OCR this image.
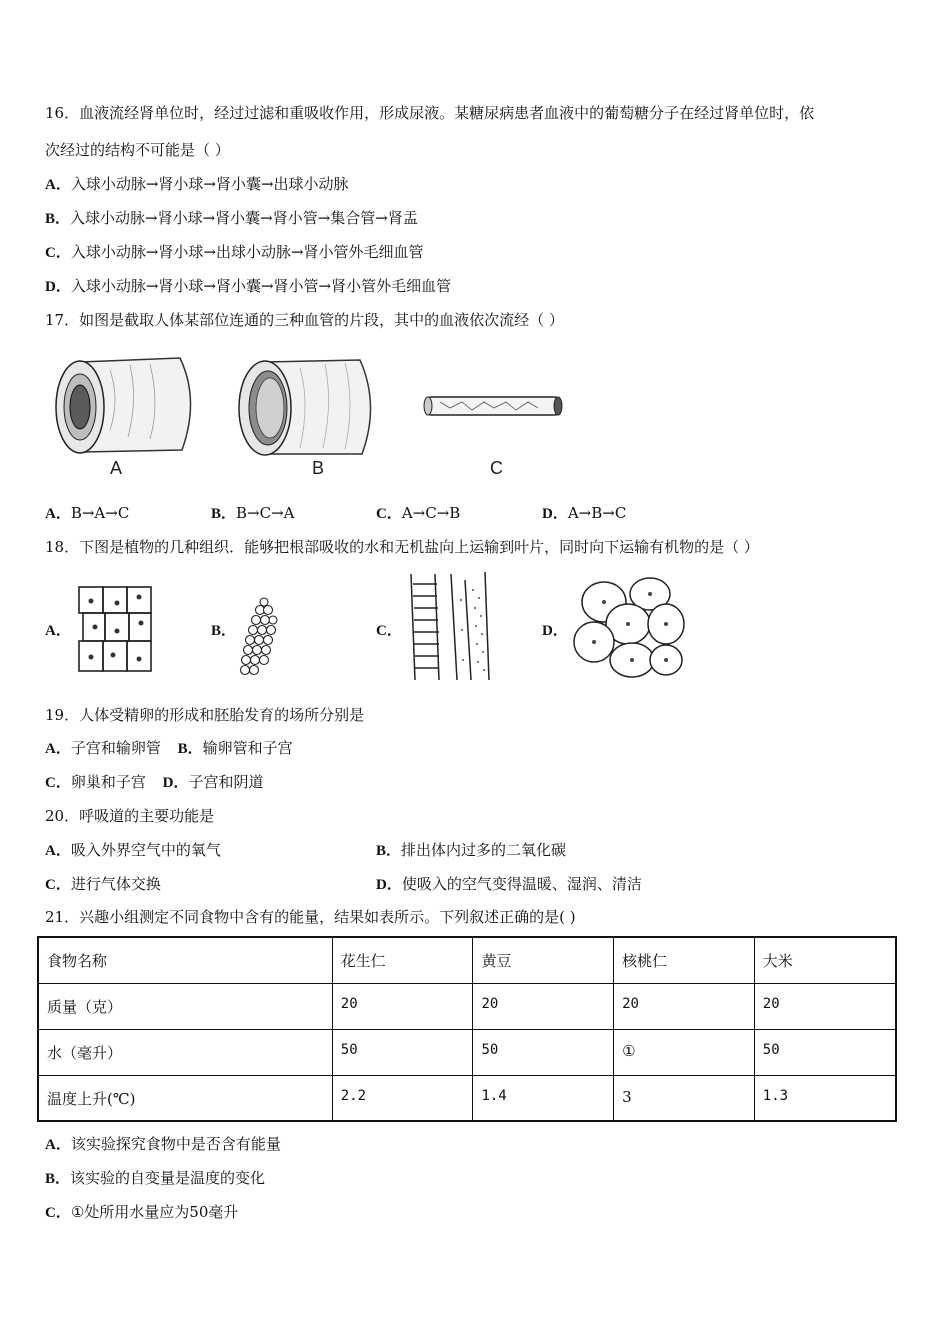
16．血液流经肾单位时，经过过滤和重吸收作用，形成尿液。某糖尿病患者血液中的葡萄糖分子在经过肾单位时，依
次经过的结构不可能是（ ）
A．入球小动脉→肾小球→肾小囊→出球小动脉
B．入球小动脉→肾小球→肾小囊→肾小管→集合管→肾盂
C．入球小动脉→肾小球→出球小动脉→肾小管外毛细血管
D．入球小动脉→肾小球→肾小囊→肾小管→肾小管外毛细血管
17．如图是截取人体某部位连通的三种血管的片段，其中的血液依次流经（ ）
A	B	C
A．B→A→C	B．B→C→A	C．A→C→B	D．A→B→C
18．下图是植物的几种组织．能够把根部吸收的水和无机盐向上运输到叶片，同时向下运输有机物的是（ ）
A．	B．	C．	D．
19．人体受精卵的形成和胚胎发育的场所分别是
A．子宫和输卵管 B．输卵管和子宫
C．卵巢和子宫 D．子宫和阴道
20．呼吸道的主要功能是
A．吸入外界空气中的氧气	B．排出体内过多的二氧化碳
C．进行气体交换	D．使吸入的空气变得温暖、湿润、清洁
21．兴趣小组测定不同食物中含有的能量，结果如表所示。下列叙述正确的是( )
食物名称	花生仁	黄豆	核桃仁	大米
质量（克）	20	20	20	20
水（毫升）	50	50	①	50
温度上升(℃)	2.2	1.4	3	1.3
A．该实验探究食物中是否含有能量
B．该实验的自变量是温度的变化
C．①处所用水量应为50毫升
